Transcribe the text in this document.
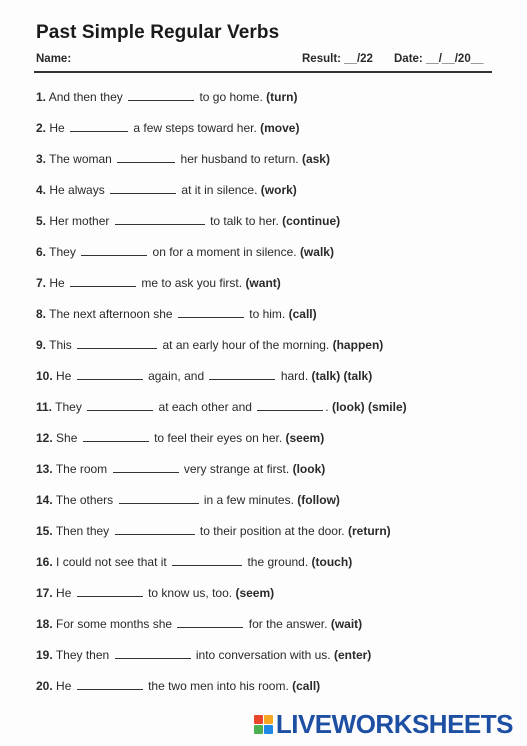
Past Simple Regular Verbs
Name:	Result: __/22 Date: __/__/20__
1. And then they	to go home. (turn)
2. He	a few steps toward her. (move)
3. The woman	her husband to return. (ask)
4. He always	at it in silence. (work)
5. Her mother	to talk to her. (continue)
6. They	on for a moment in silence. (walk)
7. He	me to ask you first. (want)
8. The next afternoon she	to him. (call)
9. This	at an early hour of the morning. (happen)
10. He	again, and	hard. (talk) (talk)
11. They	at each other and	. (look) (smile)
12. She	to feel their eyes on her. (seem)
13. The room	very strange at first. (look)
14. The others	in a few minutes. (follow)
15. Then they	to their position at the door. (return)
16. I could not see that it	the ground. (touch)
17. He	to know us, too. (seem)
18. For some months she	for the answer. (wait)
19. They then	into conversation with us. (enter)
20. He	the two men into his room. (call)
LIVEWORKSHEETS
